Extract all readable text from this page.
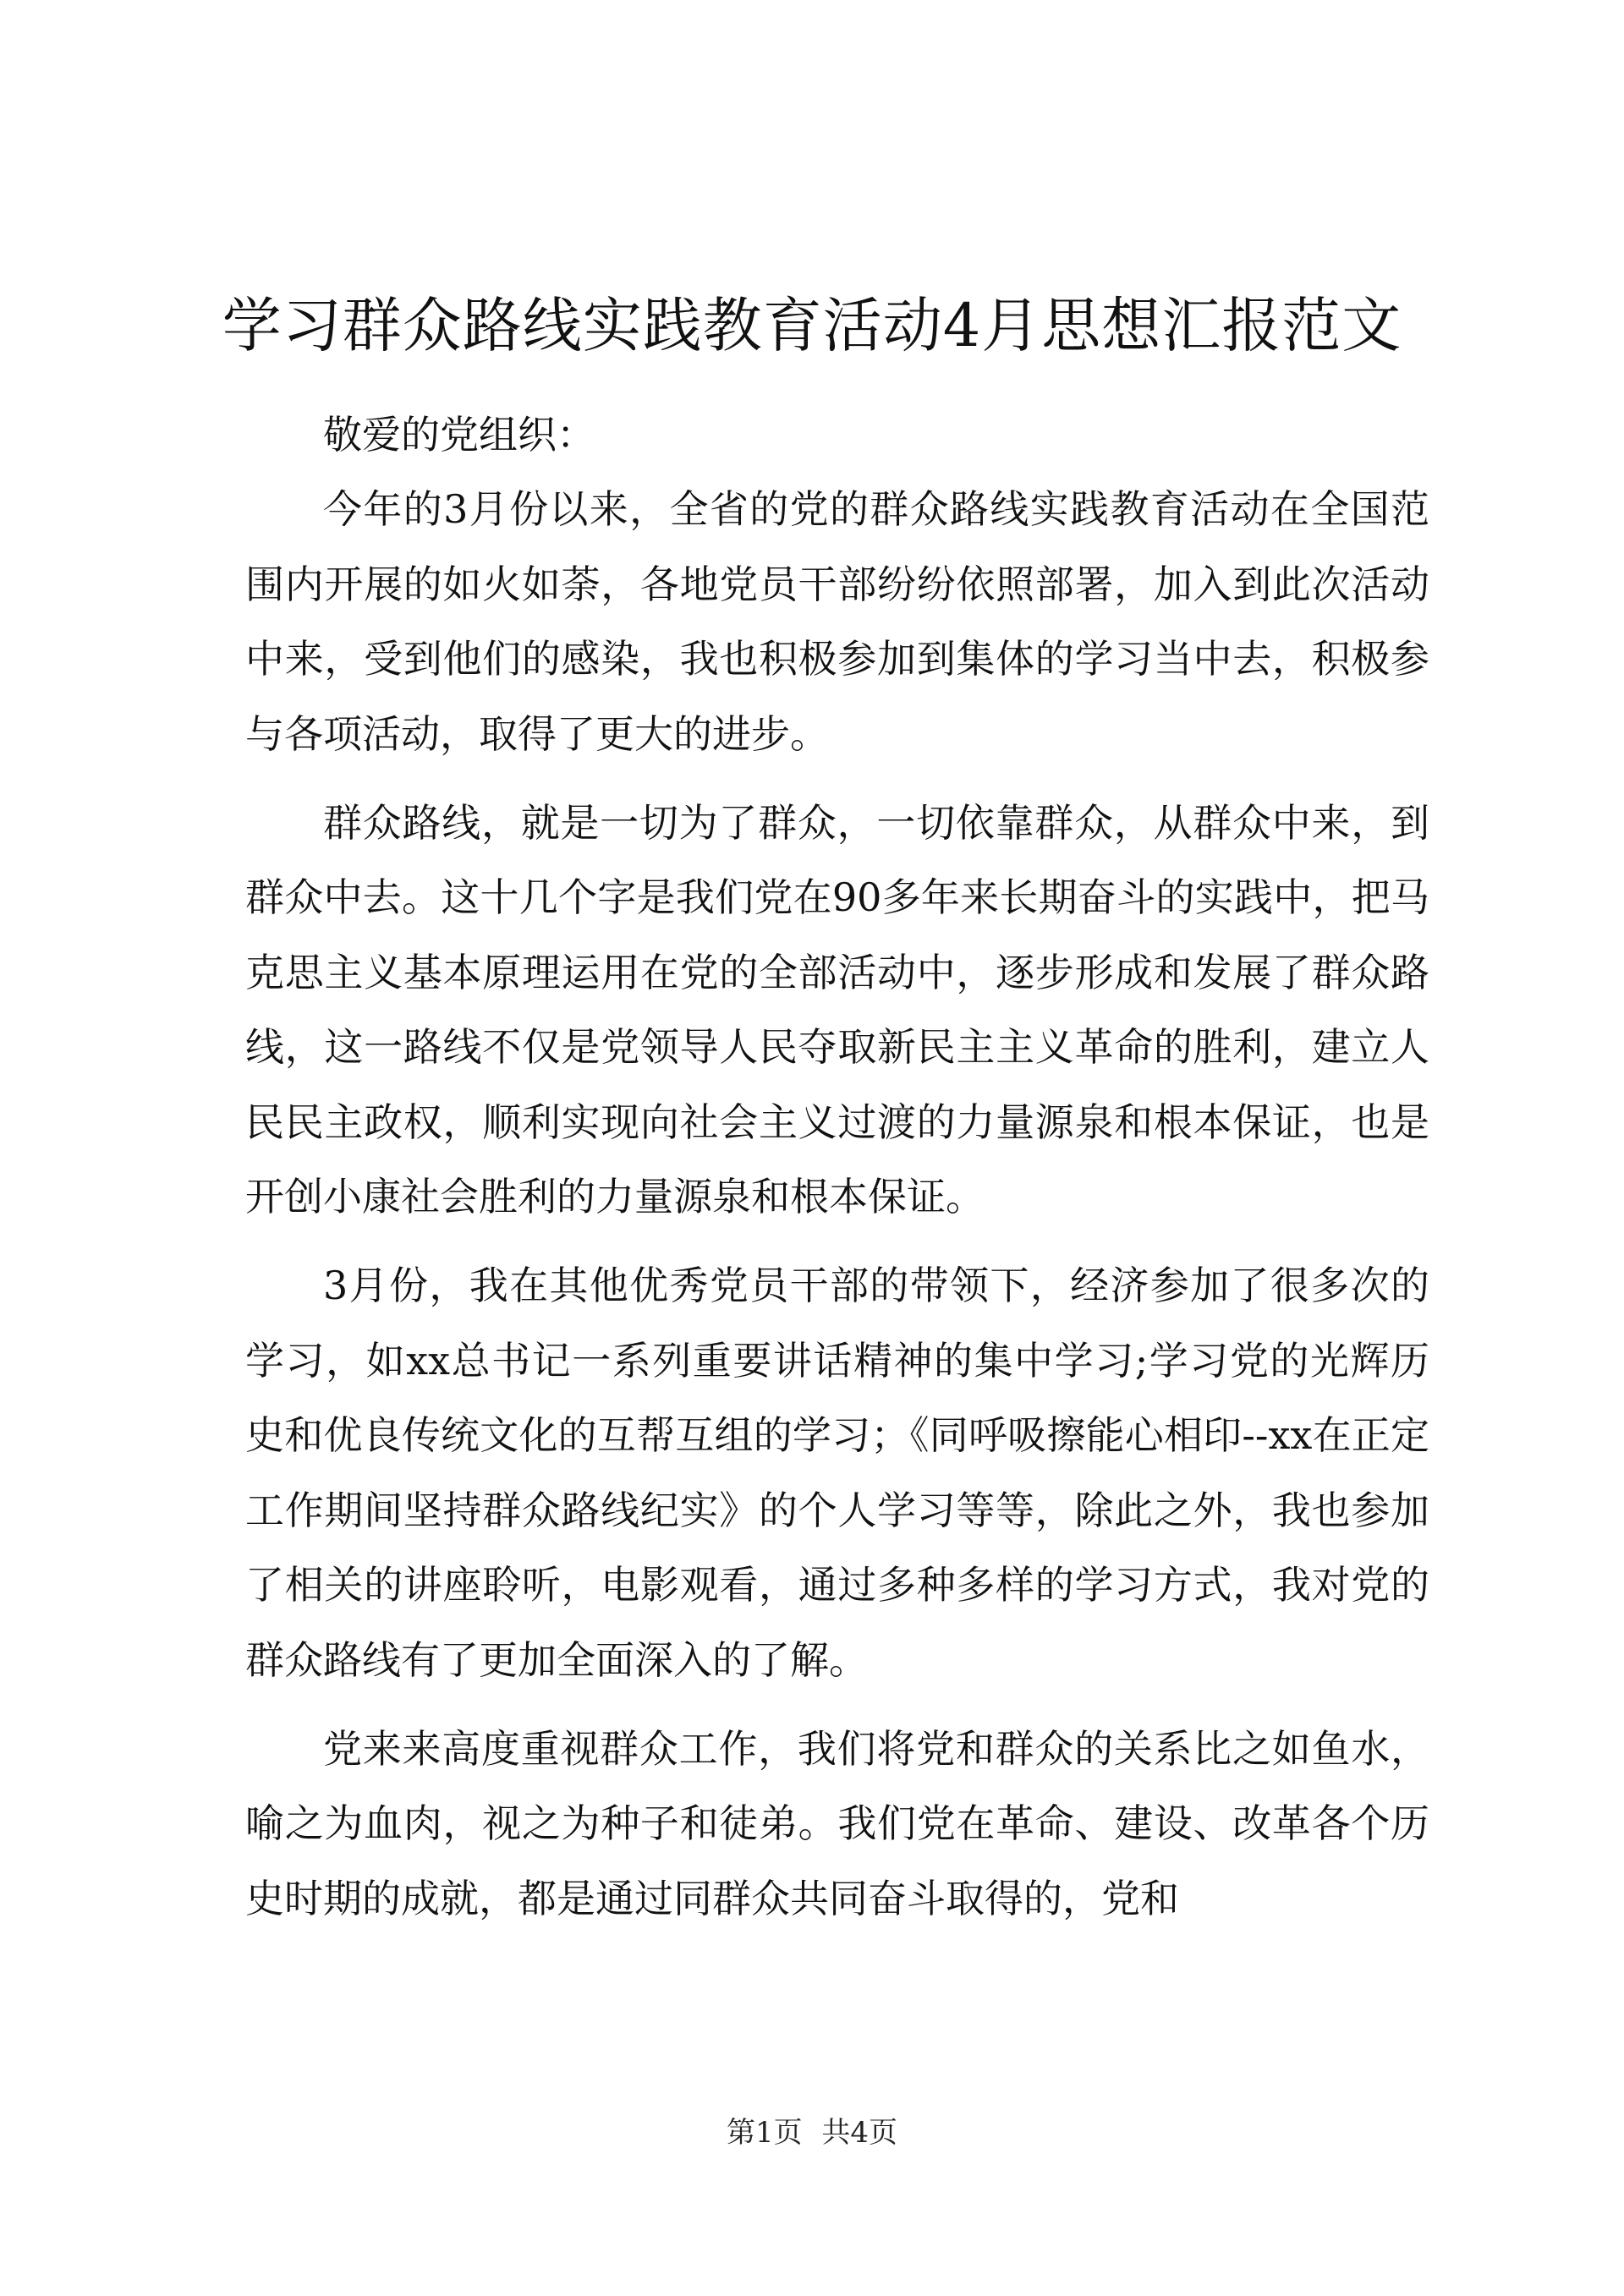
学习群众路线实践教育活动4月思想汇报范文

敬爱的党组织：

今年的3月份以来，全省的党的群众路线实践教育活动在全国范围内开展的如火如荼，各地党员干部纷纷依照部署，加入到此次活动中来，受到他们的感染，我也积极参加到集体的学习当中去，积极参与各项活动，取得了更大的进步。

群众路线，就是一切为了群众，一切依靠群众，从群众中来，到群众中去。这十几个字是我们党在90多年来长期奋斗的实践中，把马克思主义基本原理运用在党的全部活动中，逐步形成和发展了群众路线，这一路线不仅是党领导人民夺取新民主主义革命的胜利，建立人民民主政权，顺利实现向社会主义过渡的力量源泉和根本保证，也是开创小康社会胜利的力量源泉和根本保证。

3月份，我在其他优秀党员干部的带领下，经济参加了很多次的学习，如xx总书记一系列重要讲话精神的集中学习;学习党的光辉历史和优良传统文化的互帮互组的学习；《同呼吸擦能心相印--xx在正定工作期间坚持群众路线纪实》的个人学习等等，除此之外，我也参加了相关的讲座聆听，电影观看，通过多种多样的学习方式，我对党的群众路线有了更加全面深入的了解。

党来来高度重视群众工作，我们将党和群众的关系比之如鱼水，喻之为血肉，视之为种子和徒弟。我们党在革命、建设、改革各个历史时期的成就，都是通过同群众共同奋斗取得的，党和

第1页 共4页
